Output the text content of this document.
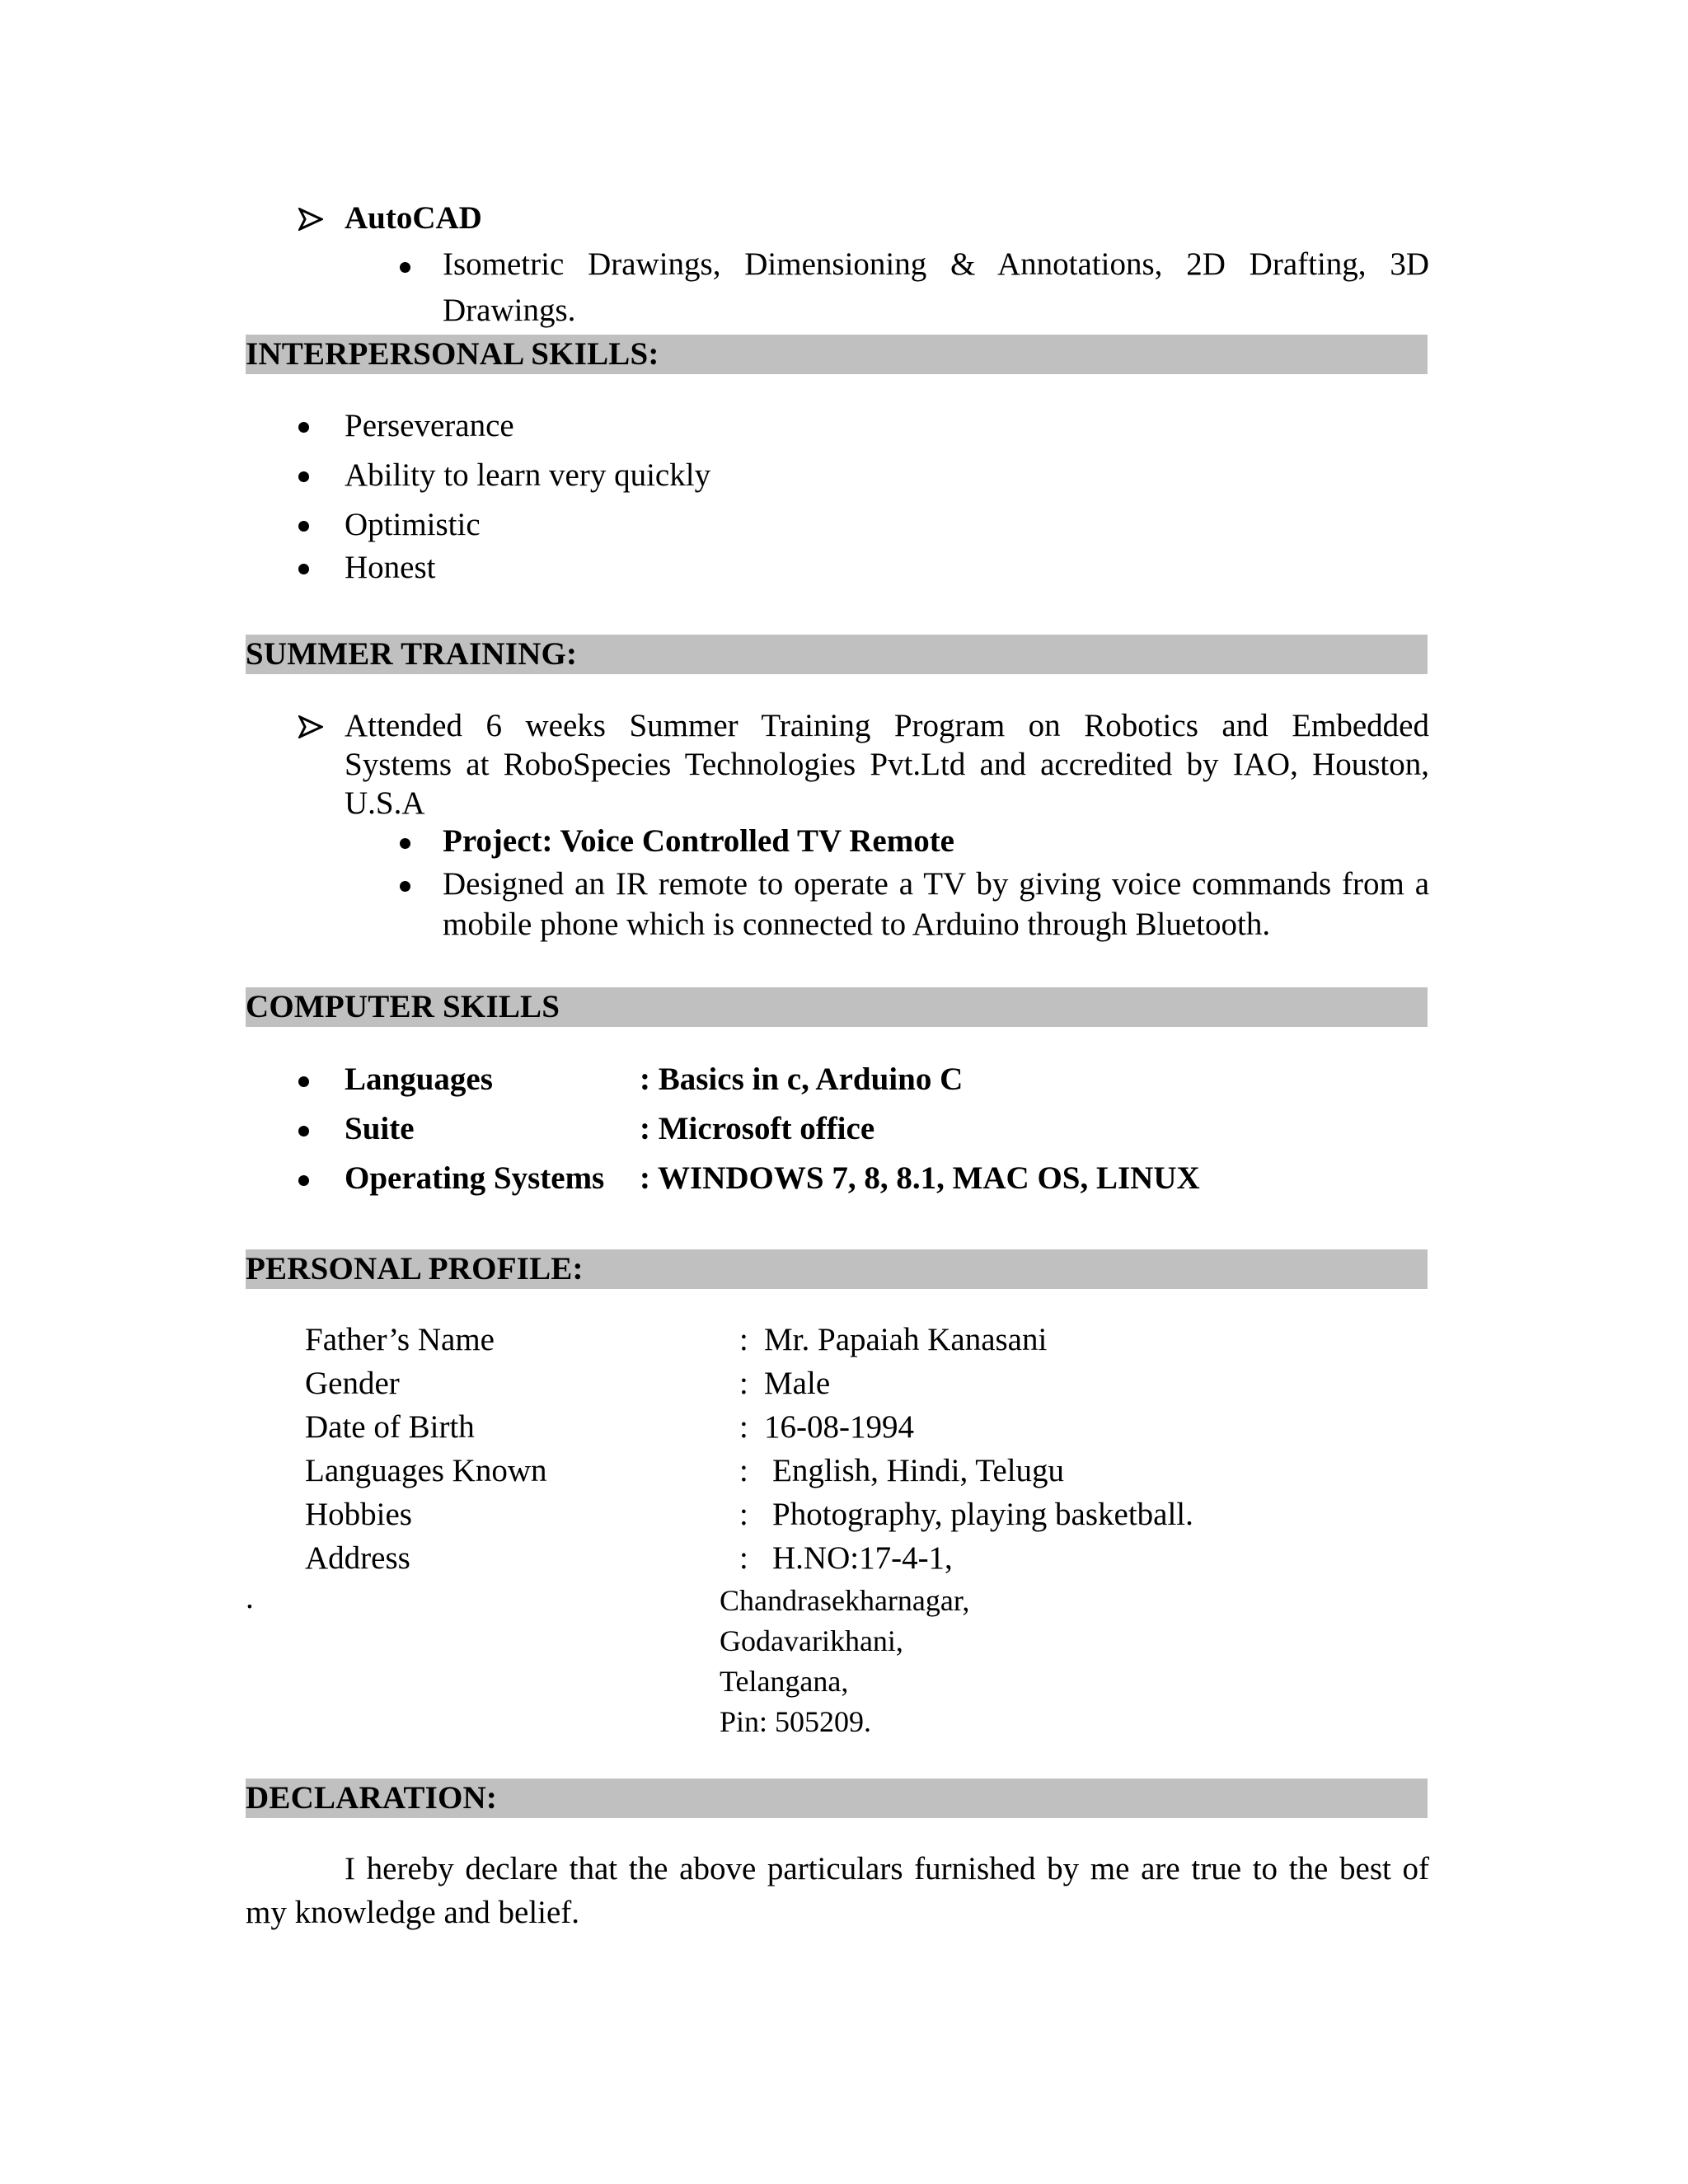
AutoCAD
Isometric Drawings, Dimensioning & Annotations, 2D Drafting, 3D
Drawings.
INTERPERSONAL SKILLS:
Perseverance
Ability to learn very quickly
Optimistic
Honest
SUMMER TRAINING:
Attended 6 weeks Summer Training Program on Robotics and Embedded
Systems at RoboSpecies Technologies Pvt.Ltd and accredited by IAO, Houston,
U.S.A
Project: Voice Controlled TV Remote
Designed an IR remote to operate a TV by giving voice commands from a
mobile phone which is connected to Arduino through Bluetooth.
COMPUTER SKILLS
Languages	: Basics in c, Arduino C
Suite	: Microsoft office
Operating Systems : WINDOWS 7, 8, 8.1, MAC OS, LINUX
PERSONAL PROFILE:
Father’s Name	: Mr. Papaiah Kanasani
Gender	: Male
Date of Birth	: 16-08-1994
Languages Known	: English, Hindi, Telugu
Hobbies	: Photography, playing basketball.
Address	: H.NO:17-4-1,
.	Chandrasekharnagar,
Godavarikhani,
Telangana,
Pin: 505209.
DECLARATION:
I hereby declare that the above particulars furnished by me are true to the best of
my knowledge and belief.
